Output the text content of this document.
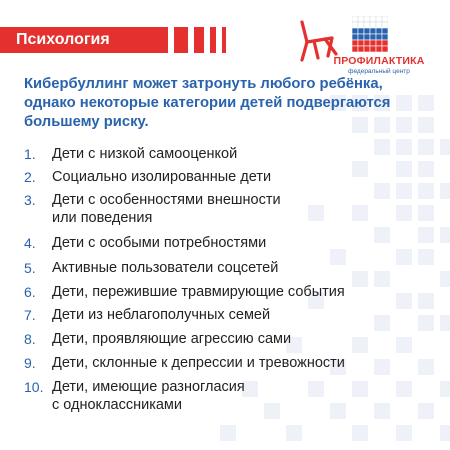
Психология
ПРОФИЛАКТИКА
федеральный центр

Кибербуллинг может затронуть любого ребёнка, однако некоторые категории детей подвергаются большему риску.

1. Дети с низкой самооценкой
2. Социально изолированные дети
3. Дети с особенностями внешности
или поведения
4. Дети с особыми потребностями
5. Активные пользователи соцсетей
6. Дети, пережившие травмирующие события
7. Дети из неблагополучных семей
8. Дети, проявляющие агрессию сами
9. Дети, склонные к депрессии и тревожности
10. Дети, имеющие разногласия
с одноклассниками
